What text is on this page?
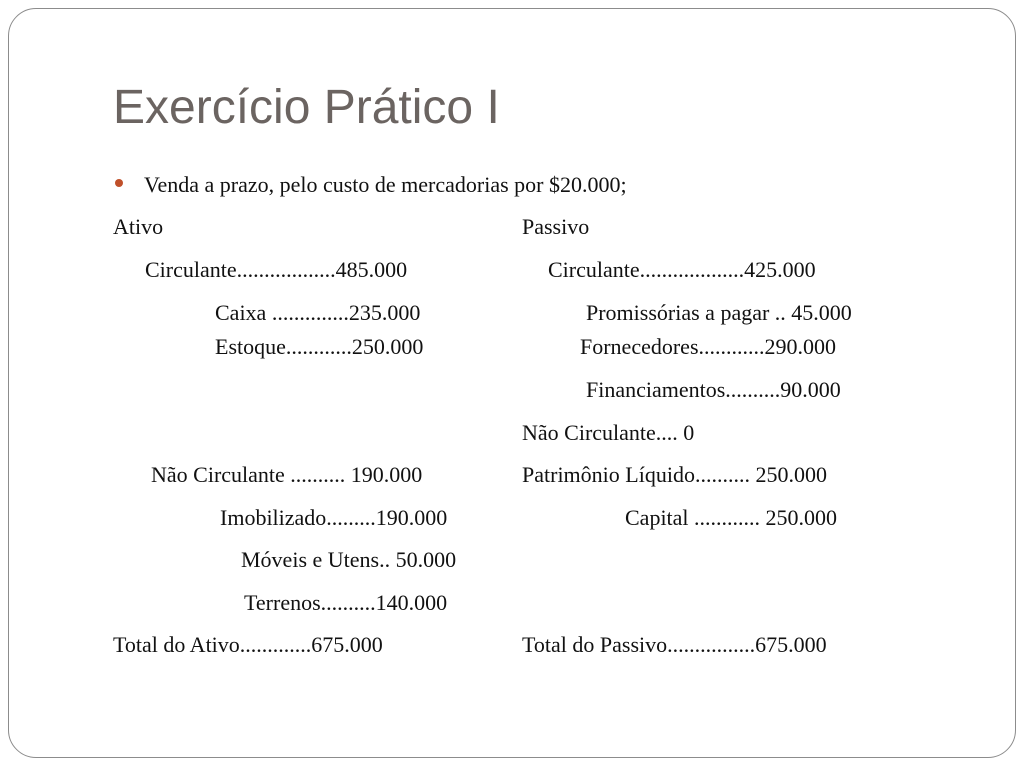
Exercício Prático I
Venda a prazo, pelo custo de mercadorias por $20.000;
Ativo
Circulante..................485.000
Caixa ..............235.000
Estoque............250.000
Não Circulante .......... 190.000
Imobilizado.........190.000
Móveis e Utens.. 50.000
Terrenos..........140.000
Total do Ativo.............675.000
Passivo
Circulante...................425.000
Promissórias a pagar .. 45.000
Fornecedores............290.000
Financiamentos..........90.000
Não Circulante.... 0
Patrimônio Líquido.......... 250.000
Capital ............ 250.000
Total do Passivo................675.000
